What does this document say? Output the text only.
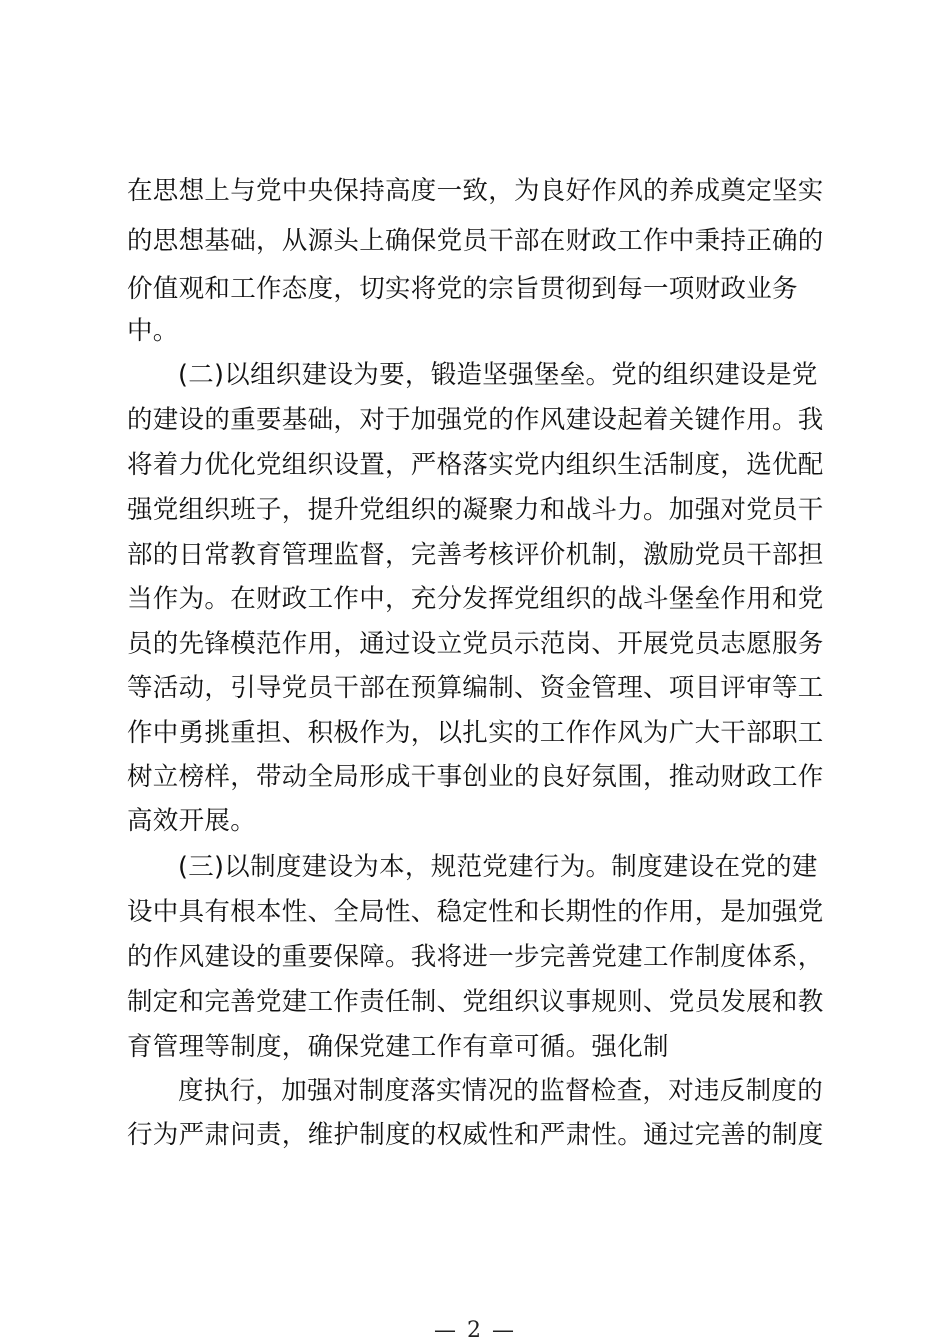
在思想上与党中央保持高度一致，为良好作风的养成奠定坚实
的思想基础，从源头上确保党员干部在财政工作中秉持正确的
价值观和工作态度，切实将党的宗旨贯彻到每一项财政业务
中。
(二)以组织建设为要，锻造坚强堡垒。党的组织建设是党
的建设的重要基础，对于加强党的作风建设起着关键作用。我
将着力优化党组织设置，严格落实党内组织生活制度，选优配
强党组织班子，提升党组织的凝聚力和战斗力。加强对党员干
部的日常教育管理监督，完善考核评价机制，激励党员干部担
当作为。在财政工作中，充分发挥党组织的战斗堡垒作用和党
员的先锋模范作用，通过设立党员示范岗、开展党员志愿服务
等活动，引导党员干部在预算编制、资金管理、项目评审等工
作中勇挑重担、积极作为，以扎实的工作作风为广大干部职工
树立榜样，带动全局形成干事创业的良好氛围，推动财政工作
高效开展。
(三)以制度建设为本，规范党建行为。制度建设在党的建
设中具有根本性、全局性、稳定性和长期性的作用，是加强党
的作风建设的重要保障。我将进一步完善党建工作制度体系，
制定和完善党建工作责任制、党组织议事规则、党员发展和教
育管理等制度，确保党建工作有章可循。强化制
度执行，加强对制度落实情况的监督检查，对违反制度的
行为严肃问责，维护制度的权威性和严肃性。通过完善的制度
— 2 —
